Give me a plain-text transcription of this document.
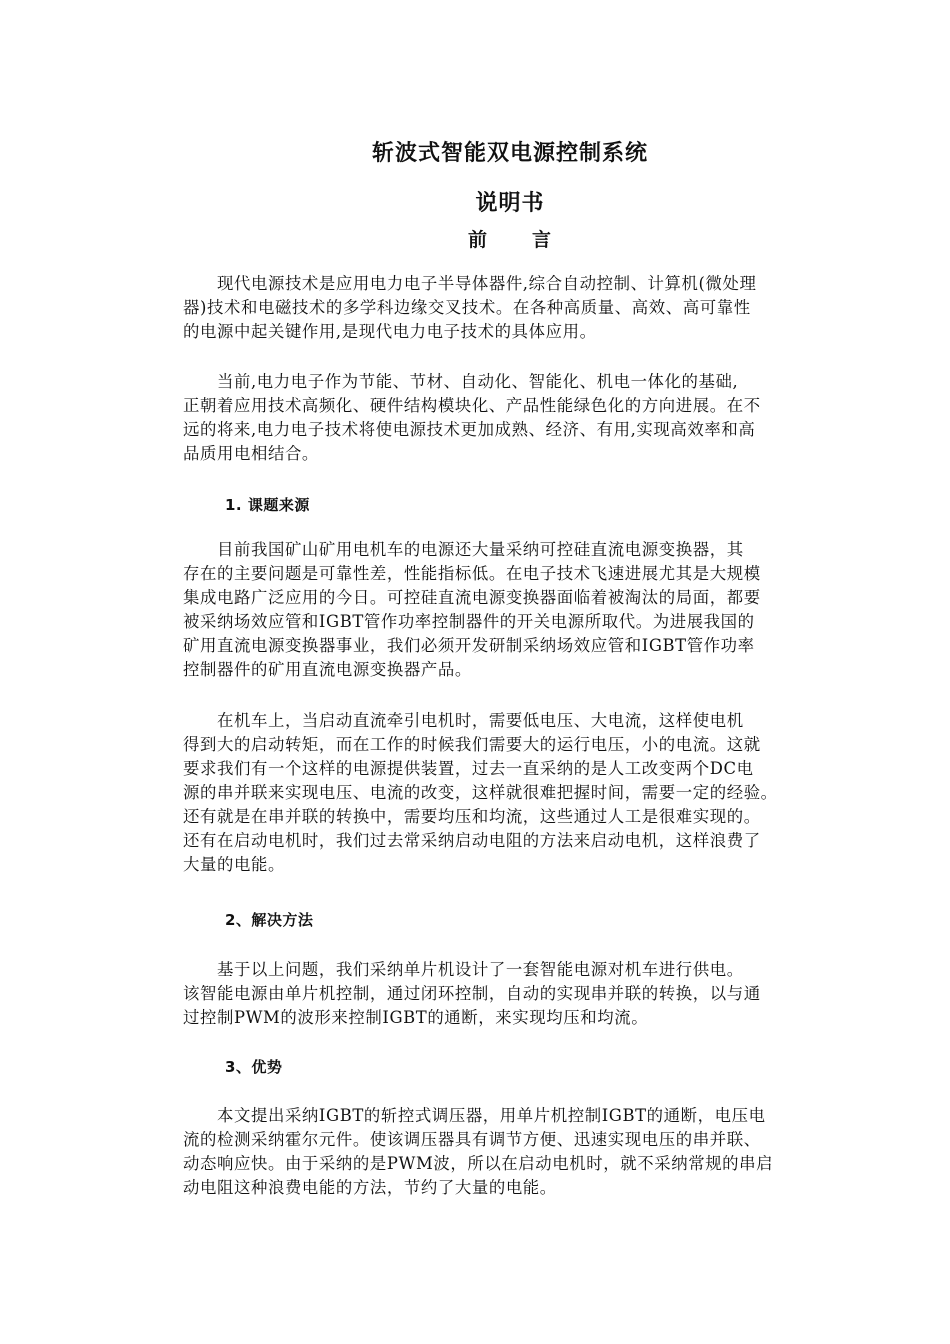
斩波式智能双电源控制系统
说明书
前 言
　　现代电源技术是应用电力电子半导体器件,综合自动控制、计算机(微处理
器)技术和电磁技术的多学科边缘交叉技术。在各种高质量、高效、高可靠性
的电源中起关键作用,是现代电力电子技术的具体应用。
　　当前,电力电子作为节能、节材、自动化、智能化、机电一体化的基础,
正朝着应用技术高频化、硬件结构模块化、产品性能绿色化的方向进展。在不
远的将来,电力电子技术将使电源技术更加成熟、经济、有用,实现高效率和高
品质用电相结合。
1. 课题来源
　　目前我国矿山矿用电机车的电源还大量采纳可控硅直流电源变换器，其
存在的主要问题是可靠性差，性能指标低。在电子技术飞速进展尤其是大规模
集成电路广泛应用的今日。可控硅直流电源变换器面临着被淘汰的局面，都要
被采纳场效应管和IGBT管作功率控制器件的开关电源所取代。为进展我国的
矿用直流电源变换器事业，我们必须开发研制采纳场效应管和IGBT管作功率
控制器件的矿用直流电源变换器产品。
　　在机车上，当启动直流牵引电机时，需要低电压、大电流，这样使电机
得到大的启动转矩，而在工作的时候我们需要大的运行电压，小的电流。这就
要求我们有一个这样的电源提供装置，过去一直采纳的是人工改变两个DC电
源的串并联来实现电压、电流的改变，这样就很难把握时间，需要一定的经验。
还有就是在串并联的转换中，需要均压和均流，这些通过人工是很难实现的。
还有在启动电机时，我们过去常采纳启动电阻的方法来启动电机，这样浪费了
大量的电能。
2、解决方法
　　基于以上问题，我们采纳单片机设计了一套智能电源对机车进行供电。
该智能电源由单片机控制，通过闭环控制，自动的实现串并联的转换，以与通
过控制PWM的波形来控制IGBT的通断，来实现均压和均流。
3、优势
　　本文提出采纳IGBT的斩控式调压器，用单片机控制IGBT的通断，电压电
流的检测采纳霍尔元件。使该调压器具有调节方便、迅速实现电压的串并联、
动态响应快。由于采纳的是PWM波，所以在启动电机时，就不采纳常规的串启
动电阻这种浪费电能的方法，节约了大量的电能。
